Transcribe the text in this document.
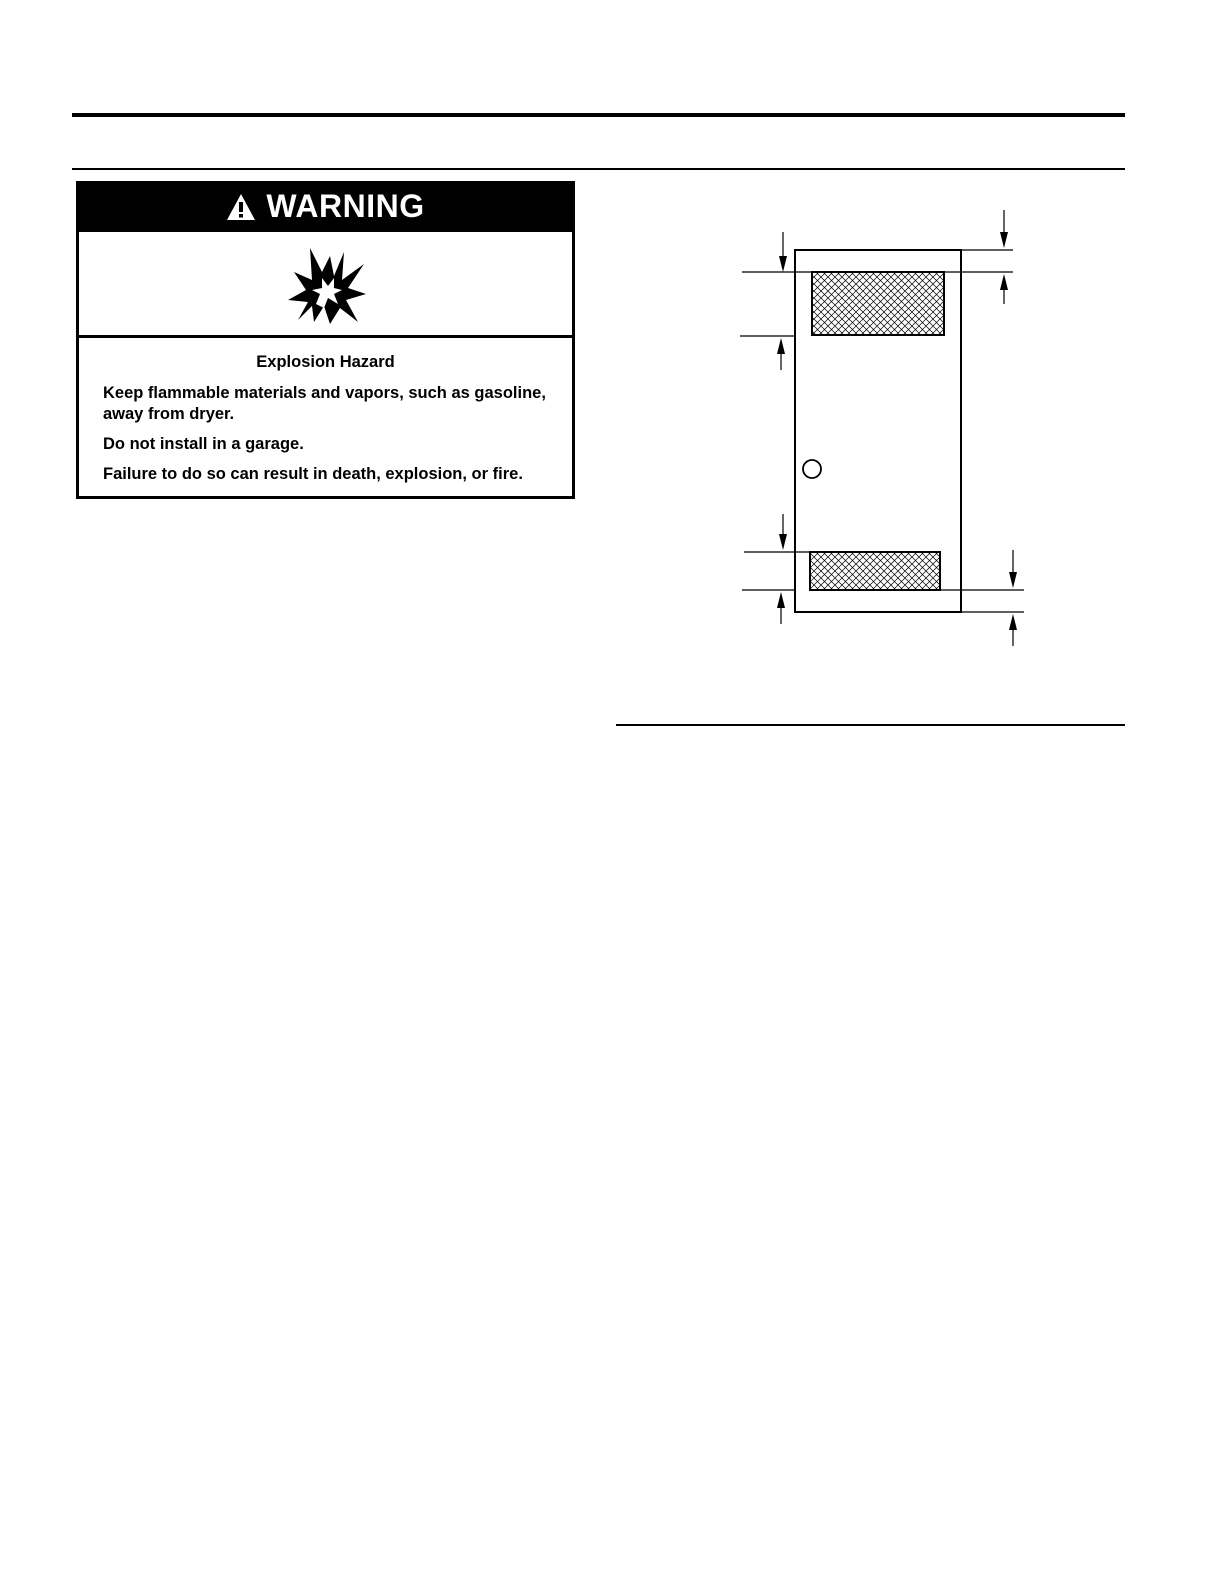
WARNING
Explosion Hazard

Keep flammable materials and vapors, such as gasoline, away from dryer.

Do not install in a garage.

Failure to do so can result in death, explosion, or fire.
